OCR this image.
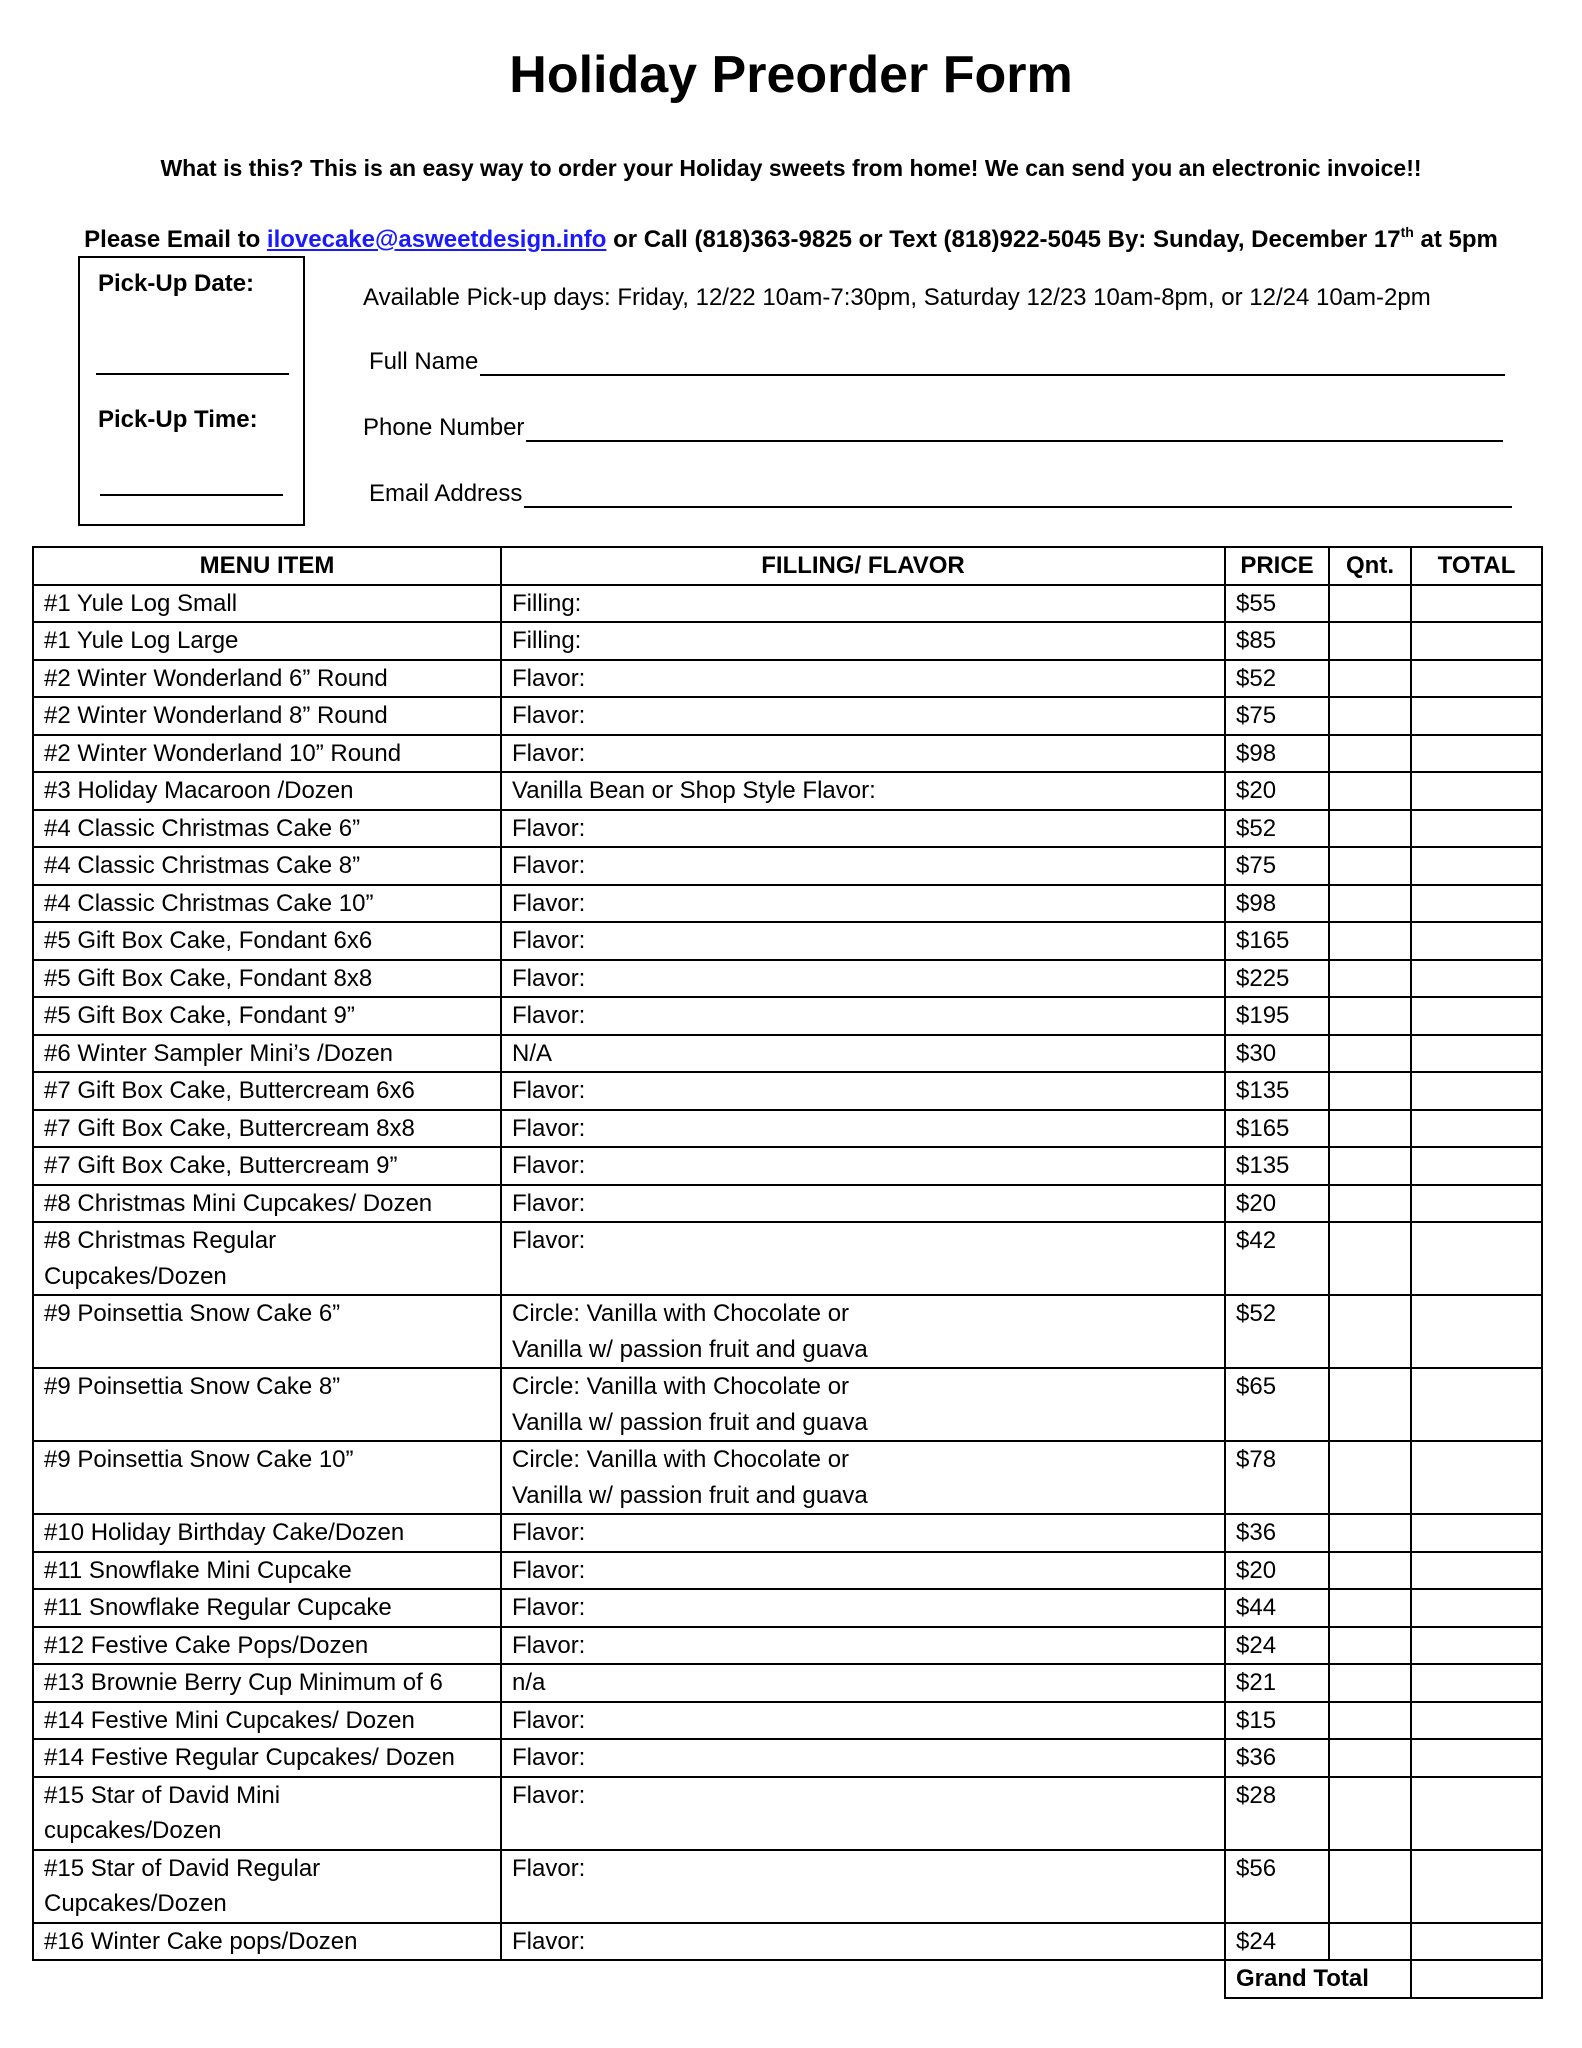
Holiday Preorder Form
What is this? This is an easy way to order your Holiday sweets from home! We can send you an electronic invoice!!
Please Email to ilovecake@asweetdesign.info or Call (818)363-9825 or Text (818)922-5045 By: Sunday, December 17th at 5pm
Pick-Up Date:
Pick-Up Time:
Available Pick-up days: Friday, 12/22 10am-7:30pm, Saturday 12/23 10am-8pm, or 12/24 10am-2pm
Full Name
Phone Number
Email Address
MENU ITEM	FILLING/ FLAVOR	PRICE	Qnt.	TOTAL

#1 Yule Log Small	Filling:	$55		

#1 Yule Log Large	Filling:	$85		

#2 Winter Wonderland 6” Round	Flavor:	$52		

#2 Winter Wonderland 8” Round	Flavor:	$75		

#2 Winter Wonderland 10” Round	Flavor:	$98		

#3 Holiday Macaroon /Dozen	Vanilla Bean or Shop Style Flavor:	$20		

#4 Classic Christmas Cake 6”	Flavor:	$52		

#4 Classic Christmas Cake 8”	Flavor:	$75		

#4 Classic Christmas Cake 10”	Flavor:	$98		

#5 Gift Box Cake, Fondant 6x6	Flavor:	$165		

#5 Gift Box Cake, Fondant 8x8	Flavor:	$225		

#5 Gift Box Cake, Fondant 9”	Flavor:	$195		

#6 Winter Sampler Mini’s /Dozen	N/A	$30		

#7 Gift Box Cake, Buttercream 6x6	Flavor:	$135		

#7 Gift Box Cake, Buttercream 8x8	Flavor:	$165		

#7 Gift Box Cake, Buttercream 9”	Flavor:	$135		

#8 Christmas Mini Cupcakes/ Dozen	Flavor:	$20		

#8 Christmas Regular
Cupcakes/Dozen	Flavor:	$42		

#9 Poinsettia Snow Cake 6”	Circle: Vanilla with Chocolate or
Vanilla w/ passion fruit and guava	$52		

#9 Poinsettia Snow Cake 8”	Circle: Vanilla with Chocolate or
Vanilla w/ passion fruit and guava	$65		

#9 Poinsettia Snow Cake 10”	Circle: Vanilla with Chocolate or
Vanilla w/ passion fruit and guava	$78		

#10 Holiday Birthday Cake/Dozen	Flavor:	$36		

#11 Snowflake Mini Cupcake	Flavor:	$20		

#11 Snowflake Regular Cupcake	Flavor:	$44		

#12 Festive Cake Pops/Dozen	Flavor:	$24		

#13 Brownie Berry Cup Minimum of 6	n/a	$21		

#14 Festive Mini Cupcakes/ Dozen	Flavor:	$15		

#14 Festive Regular Cupcakes/ Dozen	Flavor:	$36		

#15 Star of David Mini
cupcakes/Dozen	Flavor:	$28		

#15 Star of David Regular
Cupcakes/Dozen	Flavor:	$56		

#16 Winter Cake pops/Dozen	Flavor:	$24		
		Grand Total		
